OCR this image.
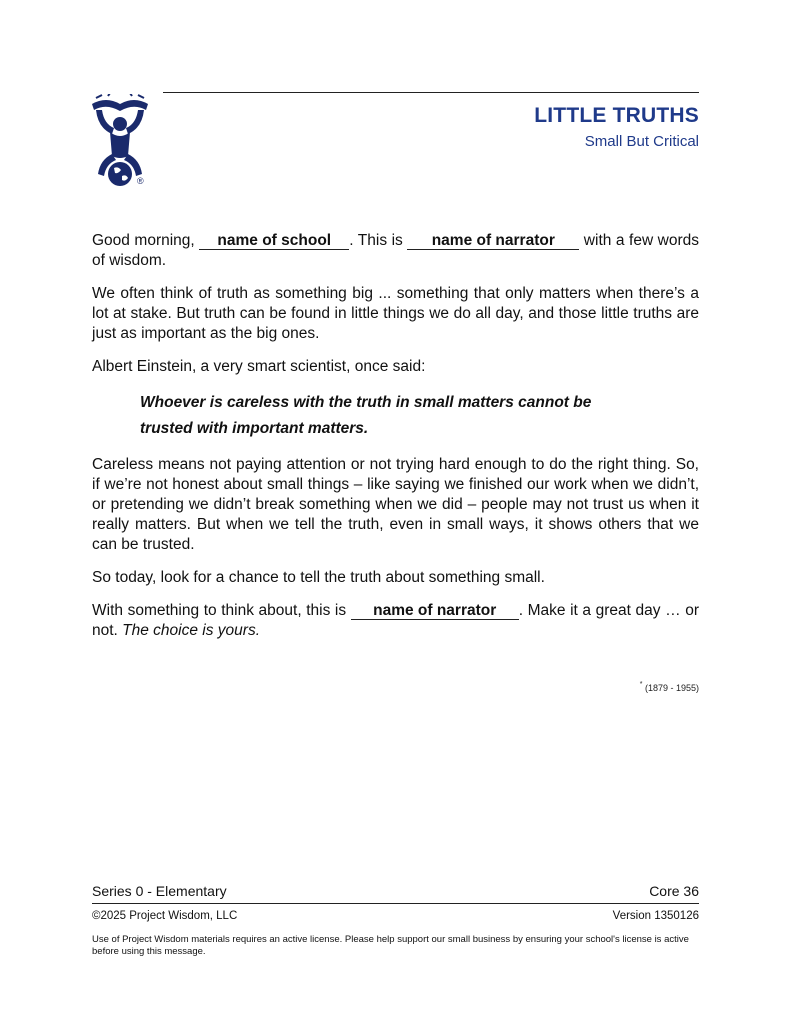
®
LITTLE TRUTHS
Small But Critical

Good morning, name of school . This is name of narrator with a few words of wisdom.

We often think of truth as something big ... something that only matters when there’s a lot at stake. But truth can be found in little things we do all day, and those little truths are just as important as the big ones.

Albert Einstein, a very smart scientist, once said:

Whoever is careless with the truth in small matters cannot be
trusted with important matters.

Careless means not paying attention or not trying hard enough to do the right thing. So, if we’re not honest about small things – like saying we finished our work when we didn’t, or pretending we didn’t break something when we did – people may not trust us when it really matters. But when we tell the truth, even in small ways, it shows others that we can be trusted.

So today, look for a chance to tell the truth about something small.

With something to think about, this is name of narrator . Make it a great day … or not. The choice is yours.

* (1879 - 1955)
Series 0 - Elementary	Core 36
©2025 Project Wisdom, LLC	Version 1350126
Use of Project Wisdom materials requires an active license. Please help support our small business by ensuring your school's license is active before using this message.
